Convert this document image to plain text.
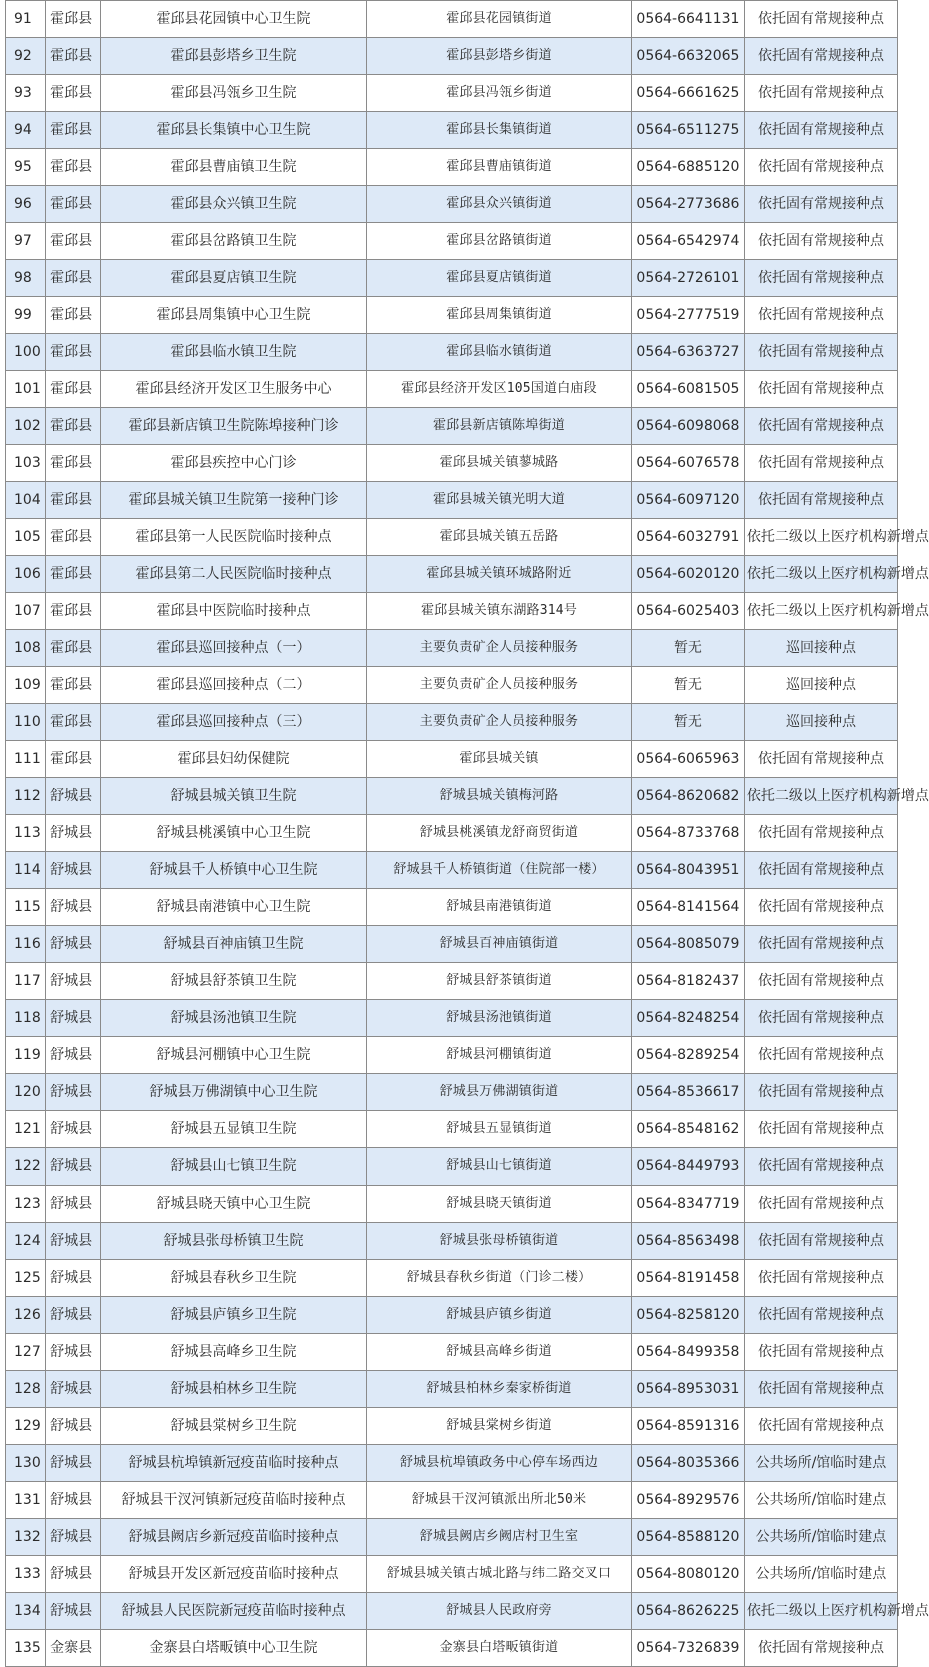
91	霍邱县	霍邱县花园镇中心卫生院	霍邱县花园镇街道	0564-6641131	依托固有常规接种点
92	霍邱县	霍邱县彭塔乡卫生院	霍邱县彭塔乡街道	0564-6632065	依托固有常规接种点
93	霍邱县	霍邱县冯瓴乡卫生院	霍邱县冯瓴乡街道	0564-6661625	依托固有常规接种点
94	霍邱县	霍邱县长集镇中心卫生院	霍邱县长集镇街道	0564-6511275	依托固有常规接种点
95	霍邱县	霍邱县曹庙镇卫生院	霍邱县曹庙镇街道	0564-6885120	依托固有常规接种点
96	霍邱县	霍邱县众兴镇卫生院	霍邱县众兴镇街道	0564-2773686	依托固有常规接种点
97	霍邱县	霍邱县岔路镇卫生院	霍邱县岔路镇街道	0564-6542974	依托固有常规接种点
98	霍邱县	霍邱县夏店镇卫生院	霍邱县夏店镇街道	0564-2726101	依托固有常规接种点
99	霍邱县	霍邱县周集镇中心卫生院	霍邱县周集镇街道	0564-2777519	依托固有常规接种点
100	霍邱县	霍邱县临水镇卫生院	霍邱县临水镇街道	0564-6363727	依托固有常规接种点
101	霍邱县	霍邱县经济开发区卫生服务中心	霍邱县经济开发区105国道白庙段	0564-6081505	依托固有常规接种点
102	霍邱县	霍邱县新店镇卫生院陈埠接种门诊	霍邱县新店镇陈埠街道	0564-6098068	依托固有常规接种点
103	霍邱县	霍邱县疾控中心门诊	霍邱县城关镇蓼城路	0564-6076578	依托固有常规接种点
104	霍邱县	霍邱县城关镇卫生院第一接种门诊	霍邱县城关镇光明大道	0564-6097120	依托固有常规接种点
105	霍邱县	霍邱县第一人民医院临时接种点	霍邱县城关镇五岳路	0564-6032791	依托二级以上医疗机构新增点
106	霍邱县	霍邱县第二人民医院临时接种点	霍邱县城关镇环城路附近	0564-6020120	依托二级以上医疗机构新增点
107	霍邱县	霍邱县中医院临时接种点	霍邱县城关镇东湖路314号	0564-6025403	依托二级以上医疗机构新增点
108	霍邱县	霍邱县巡回接种点（一）	主要负责矿企人员接种服务	暂无	巡回接种点
109	霍邱县	霍邱县巡回接种点（二）	主要负责矿企人员接种服务	暂无	巡回接种点
110	霍邱县	霍邱县巡回接种点（三）	主要负责矿企人员接种服务	暂无	巡回接种点
111	霍邱县	霍邱县妇幼保健院	霍邱县城关镇	0564-6065963	依托固有常规接种点
112	舒城县	舒城县城关镇卫生院	舒城县城关镇梅河路	0564-8620682	依托二级以上医疗机构新增点
113	舒城县	舒城县桃溪镇中心卫生院	舒城县桃溪镇龙舒商贸街道	0564-8733768	依托固有常规接种点
114	舒城县	舒城县千人桥镇中心卫生院	舒城县千人桥镇街道（住院部一楼）	0564-8043951	依托固有常规接种点
115	舒城县	舒城县南港镇中心卫生院	舒城县南港镇街道	0564-8141564	依托固有常规接种点
116	舒城县	舒城县百神庙镇卫生院	舒城县百神庙镇街道	0564-8085079	依托固有常规接种点
117	舒城县	舒城县舒茶镇卫生院	舒城县舒茶镇街道	0564-8182437	依托固有常规接种点
118	舒城县	舒城县汤池镇卫生院	舒城县汤池镇街道	0564-8248254	依托固有常规接种点
119	舒城县	舒城县河棚镇中心卫生院	舒城县河棚镇街道	0564-8289254	依托固有常规接种点
120	舒城县	舒城县万佛湖镇中心卫生院	舒城县万佛湖镇街道	0564-8536617	依托固有常规接种点
121	舒城县	舒城县五显镇卫生院	舒城县五显镇街道	0564-8548162	依托固有常规接种点
122	舒城县	舒城县山七镇卫生院	舒城县山七镇街道	0564-8449793	依托固有常规接种点
123	舒城县	舒城县晓天镇中心卫生院	舒城县晓天镇街道	0564-8347719	依托固有常规接种点
124	舒城县	舒城县张母桥镇卫生院	舒城县张母桥镇街道	0564-8563498	依托固有常规接种点
125	舒城县	舒城县春秋乡卫生院	舒城县春秋乡街道（门诊二楼）	0564-8191458	依托固有常规接种点
126	舒城县	舒城县庐镇乡卫生院	舒城县庐镇乡街道	0564-8258120	依托固有常规接种点
127	舒城县	舒城县高峰乡卫生院	舒城县高峰乡街道	0564-8499358	依托固有常规接种点
128	舒城县	舒城县柏林乡卫生院	舒城县柏林乡秦家桥街道	0564-8953031	依托固有常规接种点
129	舒城县	舒城县棠树乡卫生院	舒城县棠树乡街道	0564-8591316	依托固有常规接种点
130	舒城县	舒城县杭埠镇新冠疫苗临时接种点	舒城县杭埠镇政务中心停车场西边	0564-8035366	公共场所/馆临时建点
131	舒城县	舒城县干汊河镇新冠疫苗临时接种点	舒城县干汊河镇派出所北50米	0564-8929576	公共场所/馆临时建点
132	舒城县	舒城县阙店乡新冠疫苗临时接种点	舒城县阙店乡阙店村卫生室	0564-8588120	公共场所/馆临时建点
133	舒城县	舒城县开发区新冠疫苗临时接种点	舒城县城关镇古城北路与纬二路交叉口	0564-8080120	公共场所/馆临时建点
134	舒城县	舒城县人民医院新冠疫苗临时接种点	舒城县人民政府旁	0564-8626225	依托二级以上医疗机构新增点
135	金寨县	金寨县白塔畈镇中心卫生院	金寨县白塔畈镇街道	0564-7326839	依托固有常规接种点
